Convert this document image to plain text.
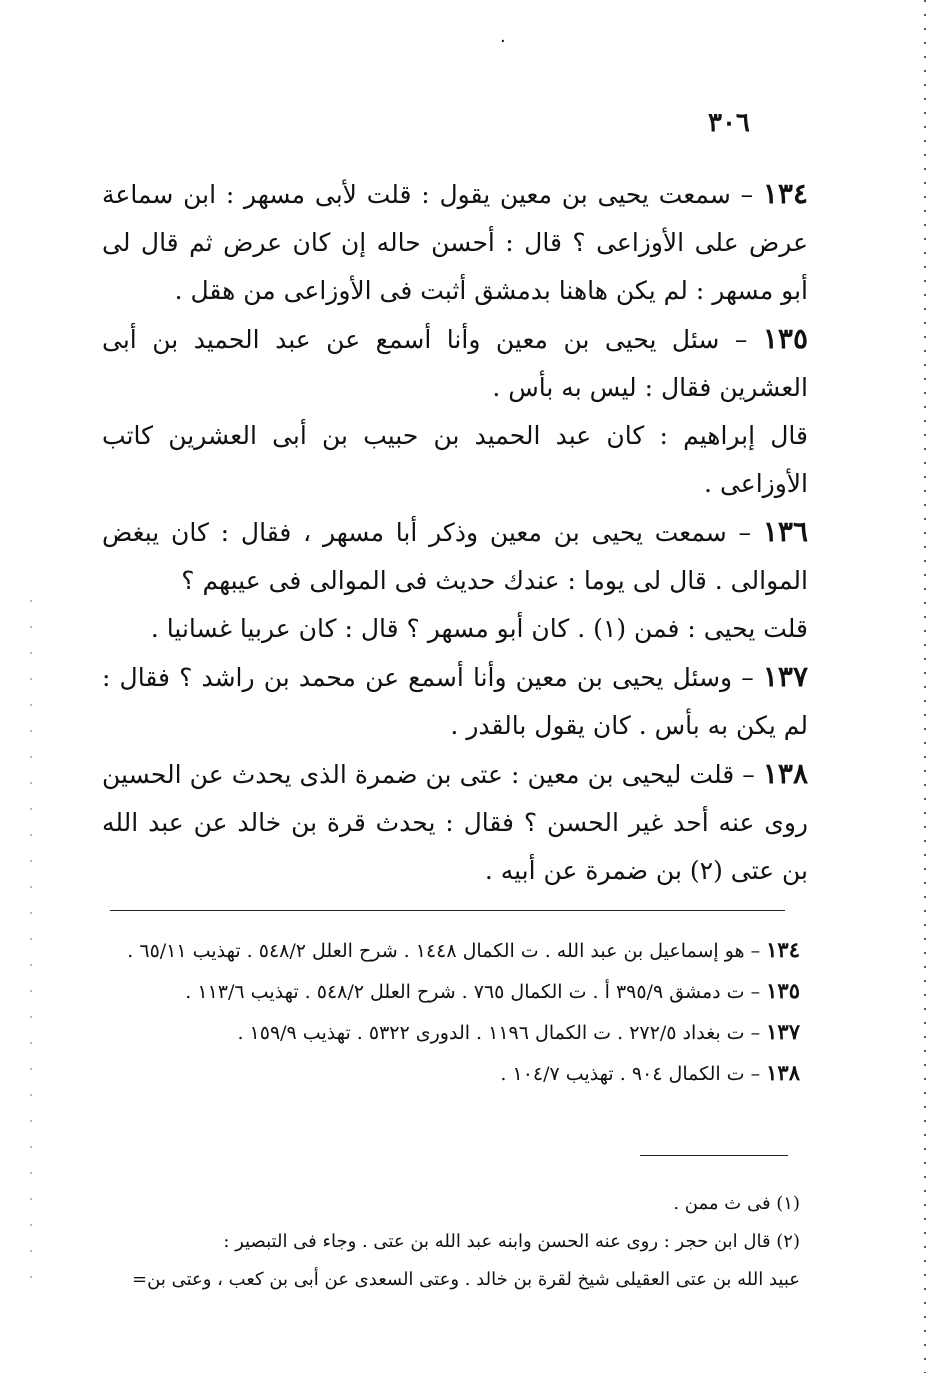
٠
٣٠٦

١٣٤ – سمعت يحيى بن معين يقول : قلت لأبى مسهر : ابن سماعة عرض على الأوزاعى ؟ قال : أحسن حاله إن كان عرض ثم قال لى أبو مسهر : لم يكن هاهنا بدمشق أثبت فى الأوزاعى من هقل .

١٣٥ – سئل يحيى بن معين وأنا أسمع عن عبد الحميد بن أبى العشرين فقال : ليس به بأس .

قال إبراهيم : كان عبد الحميد بن حبيب بن أبى العشرين كاتب الأوزاعى .

١٣٦ – سمعت يحيى بن معين وذكر أبا مسهر ، فقال : كان يبغض الموالى . قال لى يوما : عندك حديث فى الموالى فى عيبهم ؟

قلت يحيى : فمن (١) . كان أبو مسهر ؟ قال : كان عربيا غسانيا .

١٣٧ – وسئل يحيى بن معين وأنا أسمع عن محمد بن راشد ؟ فقال : لم يكن به بأس . كان يقول بالقدر .

١٣٨ – قلت ليحيى بن معين : عتى بن ضمرة الذى يحدث عن الحسين روى عنه أحد غير الحسن ؟ فقال : يحدث قرة بن خالد عن عبد الله بن عتى (٢) بن ضمرة عن أبيه .

١٣٤ – هو إسماعيل بن عبد الله . ت الكمال ١٤٤٨ . شرح العلل ٥٤٨/٢ . تهذيب ٦٥/١١ .

١٣٥ – ت دمشق ٣٩٥/٩ أ . ت الكمال ٧٦٥ . شرح العلل ٥٤٨/٢ . تهذيب ١١٣/٦ .

١٣٧ – ت بغداد ٢٧٢/٥ . ت الكمال ١١٩٦ . الدورى ٥٣٢٢ . تهذيب ١٥٩/٩ .

١٣٨ – ت الكمال ٩٠٤ . تهذيب ١٠٤/٧ .

(١) فى ث ممن .

(٢) قال ابن حجر : روى عنه الحسن وابنه عبد الله بن عتى . وجاء فى التبصير :

عبيد الله بن عتى العقيلى شيخ لقرة بن خالد . وعتى السعدى عن أبى بن كعب ، وعتى بن=
